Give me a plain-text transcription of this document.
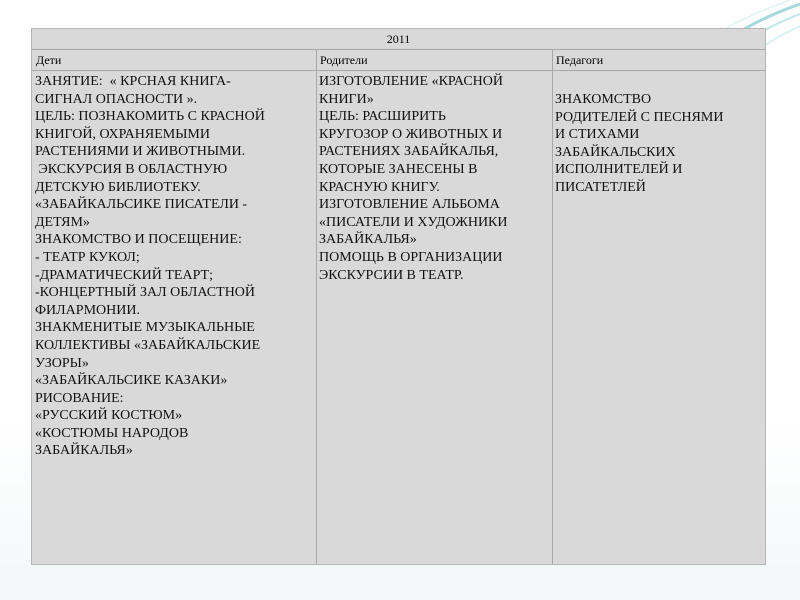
2011
Дети	Родители	Педагоги
ЗАНЯТИЕ:  « КРСНАЯ КНИГА-
СИГНАЛ ОПАСНОСТИ ».
ЦЕЛЬ: ПОЗНАКОМИТЬ С КРАСНОЙ
КНИГОЙ, ОХРАНЯЕМЫМИ
РАСТЕНИЯМИ И ЖИВОТНЫМИ.
ЭКСКУРСИЯ В ОБЛАСТНУЮ
ДЕТСКУЮ БИБЛИОТЕКУ.
«ЗАБАЙКАЛЬСИКЕ ПИСАТЕЛИ -
ДЕТЯМ»
ЗНАКОМСТВО И ПОСЕЩЕНИЕ:
- ТЕАТР КУКОЛ;
-ДРАМАТИЧЕСКИЙ ТЕАРТ;
-КОНЦЕРТНЫЙ ЗАЛ ОБЛАСТНОЙ
ФИЛАРМОНИИ.
ЗНАКМЕНИТЫЕ МУЗЫКАЛЬНЫЕ
КОЛЛЕКТИВЫ «ЗАБАЙКАЛЬСКИЕ
УЗОРЫ»
«ЗАБАЙКАЛЬСИКЕ КАЗАКИ»
РИСОВАНИЕ:
«РУССКИЙ КОСТЮМ»
«КОСТЮМЫ НАРОДОВ
ЗАБАЙКАЛЬЯ»
ИЗГОТОВЛЕНИЕ «КРАСНОЙ
КНИГИ»
ЦЕЛЬ: РАСШИРИТЬ
КРУГОЗОР О ЖИВОТНЫХ И
РАСТЕНИЯХ ЗАБАЙКАЛЬЯ,
КОТОРЫЕ ЗАНЕСЕНЫ В
КРАСНУЮ КНИГУ.
ИЗГОТОВЛЕНИЕ АЛЬБОМА
«ПИСАТЕЛИ И ХУДОЖНИКИ
ЗАБАЙКАЛЬЯ»
ПОМОЩЬ В ОРГАНИЗАЦИИ
ЭКСКУРСИИ В ТЕАТР.
ЗНАКОМСТВО
РОДИТЕЛЕЙ С ПЕСНЯМИ
И СТИХАМИ
ЗАБАЙКАЛЬСКИХ
ИСПОЛНИТЕЛЕЙ И
ПИСАТЕТЛЕЙ
